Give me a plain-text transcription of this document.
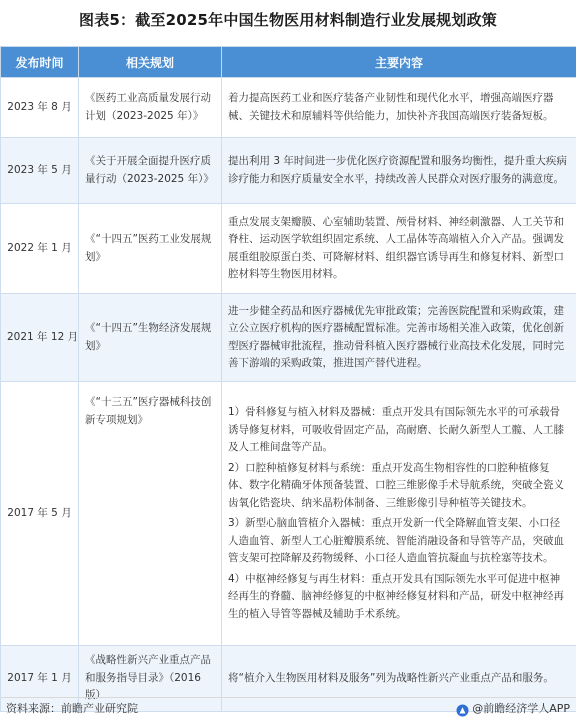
图表5：截至2025年中国生物医用材料制造行业发展规划政策
发布时间	相关规划	主要内容
2023 年 8 月	《医药工业高质量发展行动计划（2023-2025 年）》	着力提高医药工业和医疗装备产业韧性和现代化水平，增强高端医疗器械、关键技术和原辅料等供给能力，加快补齐我国高端医疗装备短板。

2023 年 5 月	《关于开展全面提升医疗质量行动（2023-2025 年）》	提出利用 3 年时间进一步优化医疗资源配置和服务均衡性，提升重大疾病诊疗能力和医疗质量安全水平，持续改善人民群众对医疗服务的满意度。

2022 年 1 月	《“十四五”医药工业发展规划》	重点发展支架瓣膜、心室辅助装置、颅骨材料、神经刺激器、人工关节和脊柱、运动医学软组织固定系统、人工晶体等高端植入介入产品。强调发展重组胶原蛋白类、可降解材料、组织器官诱导再生和修复材料、新型口腔材料等生物医用材料。

2021 年 12 月	《“十四五”生物经济发展规划》	进一步健全药品和医疗器械优先审批政策；完善医院配置和采购政策，建立公立医疗机构的医疗器械配置标准。完善市场相关准入政策，优化创新型医疗器械审批流程，推动骨科植入医疗器械行业高技术化发展，同时完善下游端的采购政策，推进国产替代进程。

2017 年 5 月	《“十三五”医疗器械科技创新专项规划》	1）骨科修复与植入材料及器械：重点开发具有国际领先水平的可承载骨诱导修复材料，可吸收骨固定产品，高耐磨、长耐久新型人工髋、人工膝及人工椎间盘等产品。
2）口腔种植修复材料与系统：重点开发高生物相容性的口腔种植修复体、数字化精确牙体预备装置、口腔三维影像手术导航系统，突破全瓷义齿氧化锆瓷块、纳米晶粉体制备、三维影像引导种植等关键技术。
3）新型心脑血管植介入器械：重点开发新一代全降解血管支架、小口径人造血管、新型人工心脏瓣膜系统、智能消融设备和导管等产品，突破血管支架可控降解及药物缓释、小口径人造血管抗凝血与抗栓塞等技术。
4）中枢神经修复与再生材料：重点开发具有国际领先水平可促进中枢神经再生的脊髓、脑神经修复的中枢神经修复材料和产品，研发中枢神经再生的植入导管等器械及辅助手术系统。

2017 年 1 月	《战略性新兴产业重点产品和服务指导目录》（2016 版）	将“植介入生物医用材料及服务”列为战略性新兴产业重点产品和服务。
资料来源：前瞻产业研究院	@前瞻经济学人APP
